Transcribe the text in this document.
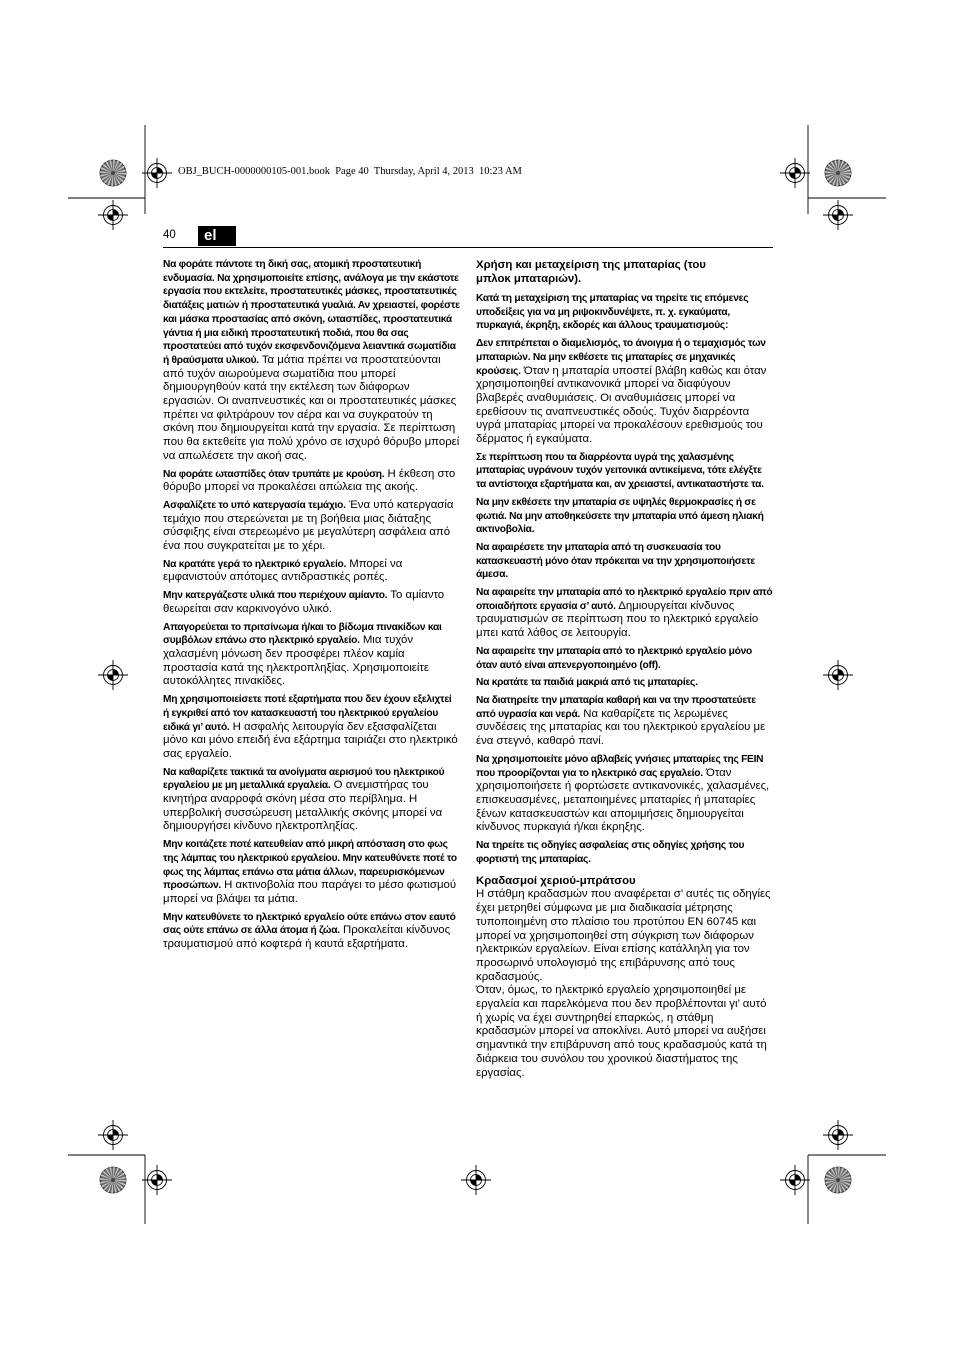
OBJ_BUCH-0000000105-001.book  Page 40  Thursday, April 4, 2013  10:23 AM
40	el

Να φοράτε πάντοτε τη δική σας, ατομική προστατευτική ενδυμασία. Να χρησιμοποιείτε επίσης, ανάλογα με την εκάστοτε εργασία που εκτελείτε, προστατευτικές μάσκες, προστατευτικές διατάξεις ματιών ή προστατευτικά γυαλιά. Αν χρειαστεί, φορέστε και μάσκα προστασίας από σκόνη, ωτασπίδες, προστατευτικά γάντια ή μια ειδική προστατευτική ποδιά, που θα σας προστατεύει από τυχόν εκσφενδονιζόμενα λειαντικά σωματίδια ή θραύσματα υλικού. Τα μάτια πρέπει να προστατεύονται από τυχόν αιωρούμενα σωματίδια που μπορεί δημιουργηθούν κατά την εκτέλεση των διάφορων εργασιών. Οι αναπνευστικές και οι προστατευτικές μάσκες πρέπει να φιλτράρουν τον αέρα και να συγκρατούν τη σκόνη που δημιουργείται κατά την εργασία. Σε περίπτωση που θα εκτεθείτε για πολύ χρόνο σε ισχυρό θόρυβο μπορεί να απωλέσετε την ακοή σας.

Να φοράτε ωτασπίδες όταν τρυπάτε με κρούση. Η έκθεση στο θόρυβο μπορεί να προκαλέσει απώλεια της ακοής.

Ασφαλίζετε το υπό κατεργασία τεμάχιο. Ένα υπό κατεργασία τεμάχιο που στερεώνεται με τη βοήθεια μιας διάταξης σύσφιξης είναι στερεωμένο με μεγαλύτερη ασφάλεια από ένα που συγκρατείται με το χέρι.

Να κρατάτε γερά το ηλεκτρικό εργαλείο. Μπορεί να εμφανιστούν απότομες αντιδραστικές ροπές.

Μην κατεργάζεστε υλικά που περιέχουν αμίαντο. Το αμίαντο θεωρείται σαν καρκινογόνο υλικό.

Απαγορεύεται το πριτσίνωμα ή/και το βίδωμα πινακίδων και συμβόλων επάνω στο ηλεκτρικό εργαλείο. Μια τυχόν χαλασμένη μόνωση δεν προσφέρει πλέον καμία προστασία κατά της ηλεκτροπληξίας. Χρησιμοποιείτε αυτοκόλλητες πινακίδες.

Μη χρησιμοποιείσετε ποτέ εξαρτήματα που δεν έχουν εξελιχτεί ή εγκριθεί από τον κατασκευαστή του ηλεκτρικού εργαλείου ειδικά γι’ αυτό. Η ασφαλής λειτουργία δεν εξασφαλίζεται μόνο και μόνο επειδή ένα εξάρτημα ταιριάζει στο ηλεκτρικό σας εργαλείο.

Να καθαρίζετε τακτικά τα ανοίγματα αερισμού του ηλεκτρικού εργαλείου με μη μεταλλικά εργαλεία. Ο ανεμιστήρας του κινητήρα αναρροφά σκόνη μέσα στο περίβλημα. Η υπερβολική συσσώρευση μεταλλικής σκόνης μπορεί να δημιουργήσει κίνδυνο ηλεκτροπληξίας.

Μην κοιτάζετε ποτέ κατευθείαν από μικρή απόσταση στο φως της λάμπας του ηλεκτρικού εργαλείου. Μην κατευθύνετε ποτέ το φως της λάμπας επάνω στα μάτια άλλων, παρευρισκόμενων προσώπων. Η ακτινοβολία που παράγει το μέσο φωτισμού μπορεί να βλάψει τα μάτια.

Μην κατευθύνετε το ηλεκτρικό εργαλείο ούτε επάνω στον εαυτό σας ούτε επάνω σε άλλα άτομα ή ζώα. Προκαλείται κίνδυνος τραυματισμού από κοφτερά ή καυτά εξαρτήματα.

Χρήση και μεταχείριση της μπαταρίας (του μπλοκ μπαταριών).

Κατά τη μεταχείριση της μπαταρίας να τηρείτε τις επόμενες υποδείξεις για να μη ριψοκινδυνέψετε, π. χ. εγκαύματα, πυρκαγιά, έκρηξη, εκδορές και άλλους τραυματισμούς:

Δεν επιτρέπεται ο διαμελισμός, το άνοιγμα ή ο τεμαχισμός των μπαταριών. Να μην εκθέσετε τις μπαταρίες σε μηχανικές κρούσεις. Όταν η μπαταρία υποστεί βλάβη καθώς και όταν χρησιμοποιηθεί αντικανονικά μπορεί να διαφύγουν βλαβερές αναθυμιάσεις. Οι αναθυμιάσεις μπορεί να ερεθίσουν τις αναπνευστικές οδούς. Τυχόν διαρρέοντα υγρά μπαταρίας μπορεί να προκαλέσουν ερεθισμούς του δέρματος ή εγκαύματα.

Σε περίπτωση που τα διαρρέοντα υγρά της χαλασμένης μπαταρίας υγράνουν τυχόν γειτονικά αντικείμενα, τότε ελέγξτε τα αντίστοιχα εξαρτήματα και, αν χρειαστεί, αντικαταστήστε τα.

Να μην εκθέσετε την μπαταρία σε υψηλές θερμοκρασίες ή σε φωτιά. Να μην αποθηκεύσετε την μπαταρία υπό άμεση ηλιακή ακτινοβολία.

Να αφαιρέσετε την μπαταρία από τη συσκευασία του κατασκευαστή μόνο όταν πρόκειται να την χρησιμοποιήσετε άμεσα.

Να αφαιρείτε την μπαταρία από το ηλεκτρικό εργαλείο πριν από οποιαδήποτε εργασία σ’ αυτό. Δημιουργείται κίνδυνος τραυματισμών σε περίπτωση που το ηλεκτρικό εργαλείο μπει κατά λάθος σε λειτουργία.

Να αφαιρείτε την μπαταρία από το ηλεκτρικό εργαλείο μόνο όταν αυτό είναι απενεργοποιημένο (off).

Να κρατάτε τα παιδιά μακριά από τις μπαταρίες.

Να διατηρείτε την μπαταρία καθαρή και να την προστατεύετε από υγρασία και νερά. Να καθαρίζετε τις λερωμένες συνδέσεις της μπαταρίας και του ηλεκτρικού εργαλείου με ένα στεγνό, καθαρό πανί.

Να χρησιμοποιείτε μόνο αβλαβείς γνήσιες μπαταρίες της FEIN που προορίζονται για το ηλεκτρικό σας εργαλείο. Όταν χρησιμοποιήσετε ή φορτώσετε αντικανονικές, χαλασμένες, επισκευασμένες, μεταποιημένες μπαταρίες ή μπαταρίες ξένων κατασκευαστών και απομιμήσεις δημιουργείται κίνδυνος πυρκαγιά ή/και έκρηξης.

Να τηρείτε τις οδηγίες ασφαλείας στις οδηγίες χρήσης του φορτιστή της μπαταρίας.

Κραδασμοί χεριού-μπράτσου

Η στάθμη κραδασμών που αναφέρεται σ’ αυτές τις οδηγίες έχει μετρηθεί σύμφωνα με μια διαδικασία μέτρησης τυποποιημένη στο πλαίσιο του προτύπου EN 60745 και μπορεί να χρησιμοποιηθεί στη σύγκριση των διάφορων ηλεκτρικών εργαλείων. Είναι επίσης κατάλληλη για τον προσωρινό υπολογισμό της επιβάρυνσης από τους κραδασμούς.

Όταν, όμως, το ηλεκτρικό εργαλείο χρησιμοποιηθεί με εργαλεία και παρελκόμενα που δεν προβλέπονται γι’ αυτό ή χωρίς να έχει συντηρηθεί επαρκώς, η στάθμη κραδασμών μπορεί να αποκλίνει. Αυτό μπορεί να αυξήσει σημαντικά την επιβάρυνση από τους κραδασμούς κατά τη διάρκεια του συνόλου του χρονικού διαστήματος της εργασίας.
